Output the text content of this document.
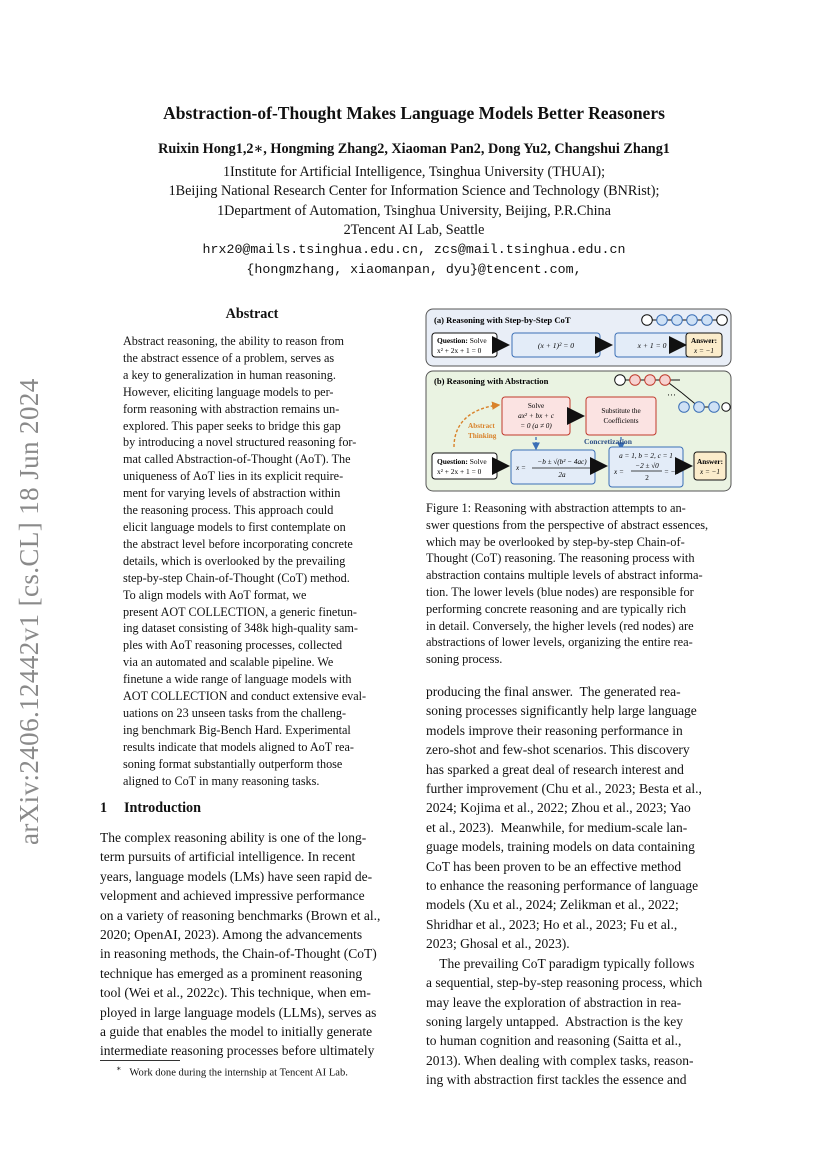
arXiv:2406.12442v1 [cs.CL] 18 Jun 2024
Abstraction-of-Thought Makes Language Models Better Reasoners
Ruixin Hong1,2∗, Hongming Zhang2, Xiaoman Pan2, Dong Yu2, Changshui Zhang1
1Institute for Artificial Intelligence, Tsinghua University (THUAI);
1Beijing National Research Center for Information Science and Technology (BNRist);
1Department of Automation, Tsinghua University, Beijing, P.R.China
2Tencent AI Lab, Seattle
hrx20@mails.tsinghua.edu.cn, zcs@mail.tsinghua.edu.cn
{hongmzhang, xiaomanpan, dyu}@tencent.com,
Abstract
Abstract reasoning, the ability to reason from
the abstract essence of a problem, serves as
a key to generalization in human reasoning.
However, eliciting language models to per-
form reasoning with abstraction remains un-
explored. This paper seeks to bridge this gap
by introducing a novel structured reasoning for-
mat called Abstraction-of-Thought (AoT). The
uniqueness of AoT lies in its explicit require-
ment for varying levels of abstraction within
the reasoning process. This approach could
elicit language models to first contemplate on
the abstract level before incorporating concrete
details, which is overlooked by the prevailing
step-by-step Chain-of-Thought (CoT) method.
To align models with AoT format, we
present AOT COLLECTION, a generic finetun-
ing dataset consisting of 348k high-quality sam-
ples with AoT reasoning processes, collected
via an automated and scalable pipeline. We
finetune a wide range of language models with
AOT COLLECTION and conduct extensive eval-
uations on 23 unseen tasks from the challeng-
ing benchmark Big-Bench Hard. Experimental
results indicate that models aligned to AoT rea-
soning format substantially outperform those
aligned to CoT in many reasoning tasks.
1 Introduction
The complex reasoning ability is one of the long-
term pursuits of artificial intelligence. In recent
years, language models (LMs) have seen rapid de-
velopment and achieved impressive performance
on a variety of reasoning benchmarks (Brown et al.,
2020; OpenAI, 2023). Among the advancements
in reasoning methods, the Chain-of-Thought (CoT)
technique has emerged as a prominent reasoning
tool (Wei et al., 2022c). This technique, when em-
ployed in large language models (LLMs), serves as
a guide that enables the model to initially generate
intermediate reasoning processes before ultimately
∗ Work done during the internship at Tencent AI Lab.
(a) Reasoning with Step-by-Step CoT
Question: Solve
x² + 2x + 1 = 0
(x + 1)² = 0	x + 1 = 0	Answer:
x = −1
(b) Reasoning with Abstraction
···
Solve
ax² + bx + c
= 0 (a ≠ 0)
Substitute the
Coefficients
Abstract
Thinking
Concretization
Question: Solve
x² + 2x + 1 = 0	x =
−b ± √(b² − 4ac)
2a
a = 1, b = 2, c = 1
x =
−2 ± √0
2
= −1
Answer:
x = −1
Figure 1: Reasoning with abstraction attempts to an-
swer questions from the perspective of abstract essences,
which may be overlooked by step-by-step Chain-of-
Thought (CoT) reasoning. The reasoning process with
abstraction contains multiple levels of abstract informa-
tion. The lower levels (blue nodes) are responsible for
performing concrete reasoning and are typically rich
in detail. Conversely, the higher levels (red nodes) are
abstractions of lower levels, organizing the entire rea-
soning process.
producing the final answer.  The generated rea-
soning processes significantly help large language
models improve their reasoning performance in
zero-shot and few-shot scenarios. This discovery
has sparked a great deal of research interest and
further improvement (Chu et al., 2023; Besta et al.,
2024; Kojima et al., 2022; Zhou et al., 2023; Yao
et al., 2023).  Meanwhile, for medium-scale lan-
guage models, training models on data containing
CoT has been proven to be an effective method
to enhance the reasoning performance of language
models (Xu et al., 2024; Zelikman et al., 2022;
Shridhar et al., 2023; Ho et al., 2023; Fu et al.,
2023; Ghosal et al., 2023).
The prevailing CoT paradigm typically follows
a sequential, step-by-step reasoning process, which
may leave the exploration of abstraction in rea-
soning largely untapped.  Abstraction is the key
to human cognition and reasoning (Saitta et al.,
2013). When dealing with complex tasks, reason-
ing with abstraction first tackles the essence and
